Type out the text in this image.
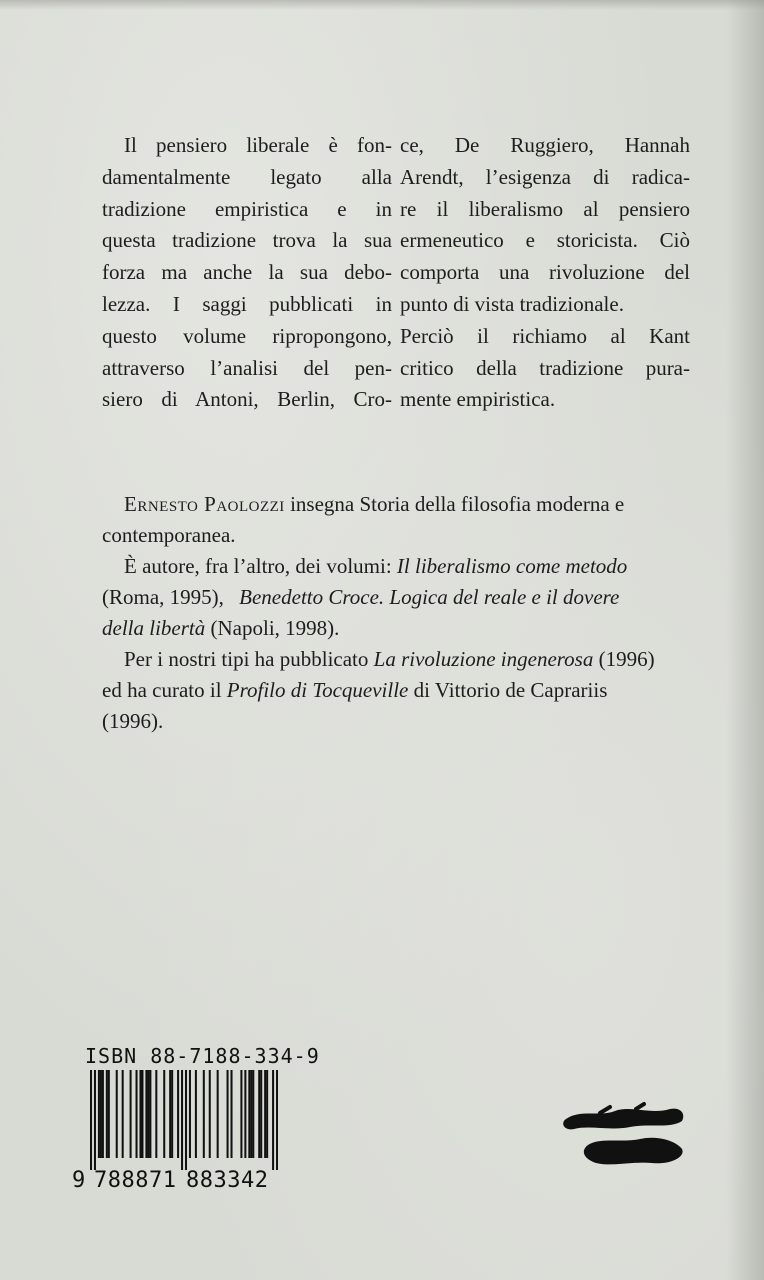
Il pensiero liberale è fon-
damentalmente legato alla
tradizione empiristica e in
questa tradizione trova la sua
forza ma anche la sua debo-
lezza. I saggi pubblicati in
questo volume ripropongono,
attraverso l’analisi del pen-
siero di Antoni, Berlin, Cro-
ce, De Ruggiero, Hannah
Arendt, l’esigenza di radica-
re il liberalismo al pensiero
ermeneutico e storicista. Ciò
comporta una rivoluzione del
punto di vista tradizionale.
Perciò il richiamo al Kant
critico della tradizione pura-
mente empiristica.
Ernesto Paolozzi insegna Storia della filosofia moderna e
contemporanea.
È autore, fra l’altro, dei volumi: Il liberalismo come metodo
(Roma, 1995), Benedetto Croce. Logica del reale e il dovere
della libertà (Napoli, 1998).
Per i nostri tipi ha pubblicato La rivoluzione ingenerosa (1996)
ed ha curato il Profilo di Tocqueville di Vittorio de Caprariis
(1996).
ISBN 88-7188-334-9
9 788871 883342
